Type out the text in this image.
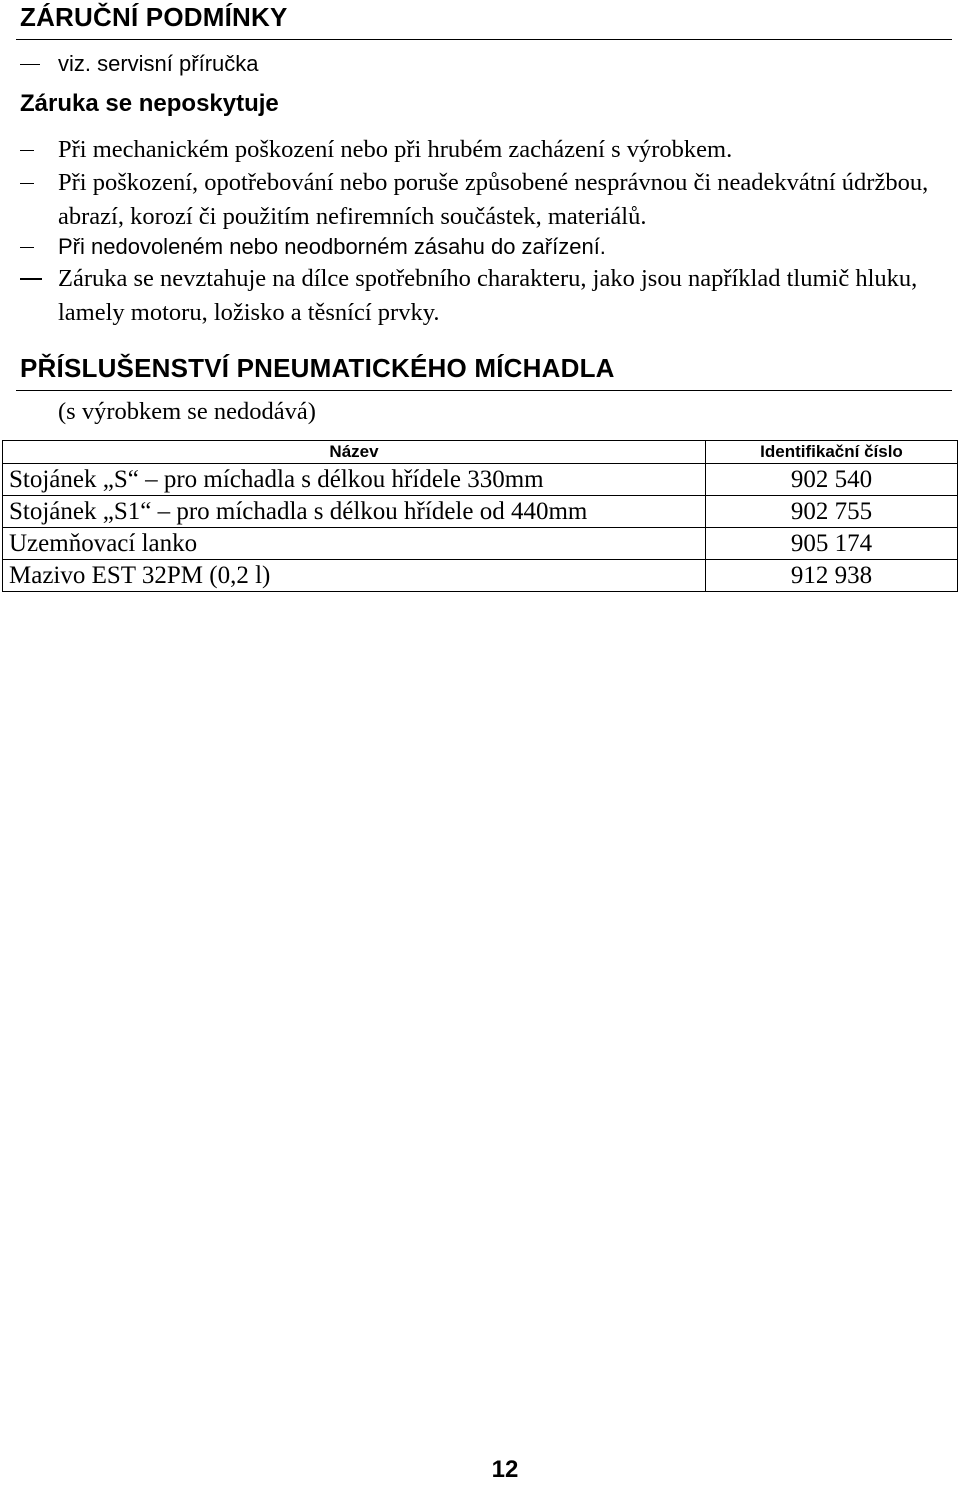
ZÁRUČNÍ PODMÍNKY
viz. servisní příručka
Záruka se neposkytuje
Při mechanickém poškození nebo při hrubém zacházení s výrobkem.
Při poškození, opotřebování nebo poruše způsobené nesprávnou či neadekvátní údržbou, abrazí, korozí či použitím nefiremních součástek, materiálů.
Při nedovoleném nebo neodborném zásahu do zařízení.
Záruka se nevztahuje na dílce spotřebního charakteru, jako jsou například tlumič hluku, lamely motoru, ložisko a těsnící prvky.
PŘÍSLUŠENSTVÍ PNEUMATICKÉHO MÍCHADLA
(s výrobkem se nedodává)
Název	Identifikační číslo
Stojánek „S“ – pro míchadla s délkou hřídele 330mm	902 540
Stojánek „S1“ – pro míchadla s délkou hřídele od 440mm	902 755
Uzemňovací lanko	905 174
Mazivo EST 32PM (0,2 l)	912 938
12
